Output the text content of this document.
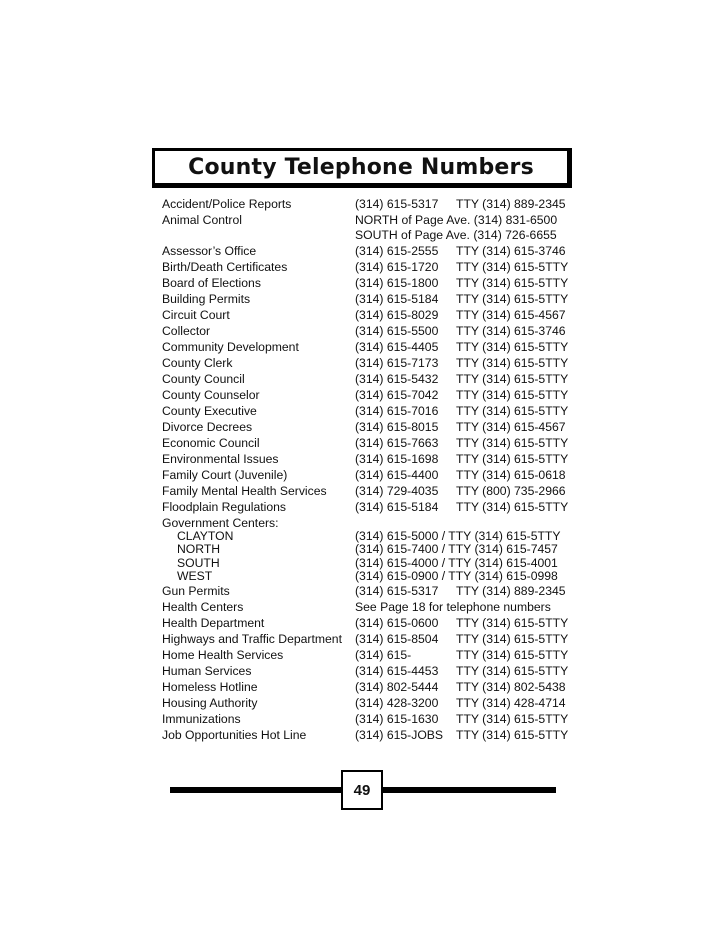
County Telephone Numbers
Accident/Police Reports	(314) 615-5317	TTY (314) 889-2345
Animal Control	NORTH of Page Ave. (314) 831-6500
SOUTH of Page Ave. (314) 726-6655
Assessor’s Office	(314) 615-2555	TTY (314) 615-3746
Birth/Death Certificates	(314) 615-1720	TTY (314) 615-5TTY
Board of Elections	(314) 615-1800	TTY (314) 615-5TTY
Building Permits	(314) 615-5184	TTY (314) 615-5TTY
Circuit Court	(314) 615-8029	TTY (314) 615-4567
Collector	(314) 615-5500	TTY (314) 615-3746
Community Development	(314) 615-4405	TTY (314) 615-5TTY
County Clerk	(314) 615-7173	TTY (314) 615-5TTY
County Council	(314) 615-5432	TTY (314) 615-5TTY
County Counselor	(314) 615-7042	TTY (314) 615-5TTY
County Executive	(314) 615-7016	TTY (314) 615-5TTY
Divorce Decrees	(314) 615-8015	TTY (314) 615-4567
Economic Council	(314) 615-7663	TTY (314) 615-5TTY
Environmental Issues	(314) 615-1698	TTY (314) 615-5TTY
Family Court (Juvenile)	(314) 615-4400	TTY (314) 615-0618
Family Mental Health Services	(314) 729-4035	TTY (800) 735-2966
Floodplain Regulations	(314) 615-5184	TTY (314) 615-5TTY
Government Centers:
CLAYTON	(314) 615-5000 / TTY (314) 615-5TTY
NORTH	(314) 615-7400 / TTY (314) 615-7457
SOUTH	(314) 615-4000 / TTY (314) 615-4001
WEST	(314) 615-0900 / TTY (314) 615-0998
Gun Permits	(314) 615-5317	TTY (314) 889-2345
Health Centers	See Page 18 for telephone numbers
Health Department	(314) 615-0600	TTY (314) 615-5TTY
Highways and Traffic Department	(314) 615-8504	TTY (314) 615-5TTY
Home Health Services	(314) 615-	TTY (314) 615-5TTY
Human Services	(314) 615-4453	TTY (314) 615-5TTY
Homeless Hotline	(314) 802-5444	TTY (314) 802-5438
Housing Authority	(314) 428-3200	TTY (314) 428-4714
Immunizations	(314) 615-1630	TTY (314) 615-5TTY
Job Opportunities Hot Line	(314) 615-JOBS	TTY (314) 615-5TTY
49
